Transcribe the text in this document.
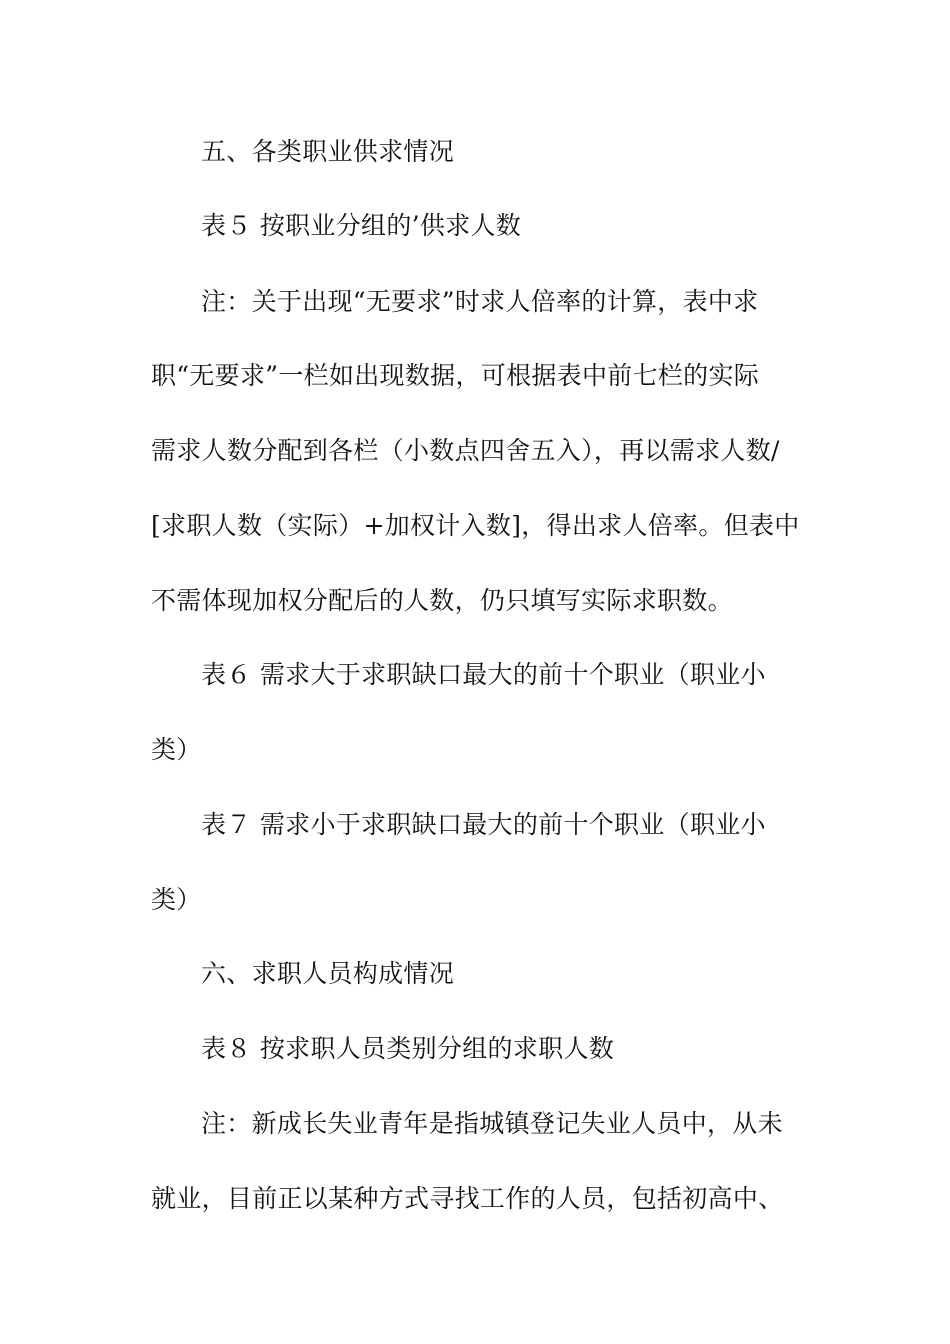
五、各类职业供求情况
表５ 按职业分组的’供求人数
注：关于出现“无要求”时求人倍率的计算，表中求
职“无要求”一栏如出现数据，可根据表中前七栏的实际
需求人数分配到各栏（小数点四舍五入），再以需求人数/
[求职人数（实际）+加权计入数]，得出求人倍率。但表中
不需体现加权分配后的人数，仍只填写实际求职数。
表６ 需求大于求职缺口最大的前十个职业（职业小
类）
表７ 需求小于求职缺口最大的前十个职业（职业小
类）
六、求职人员构成情况
表８ 按求职人员类别分组的求职人数
注：新成长失业青年是指城镇登记失业人员中，从未
就业，目前正以某种方式寻找工作的人员，包括初高中、
